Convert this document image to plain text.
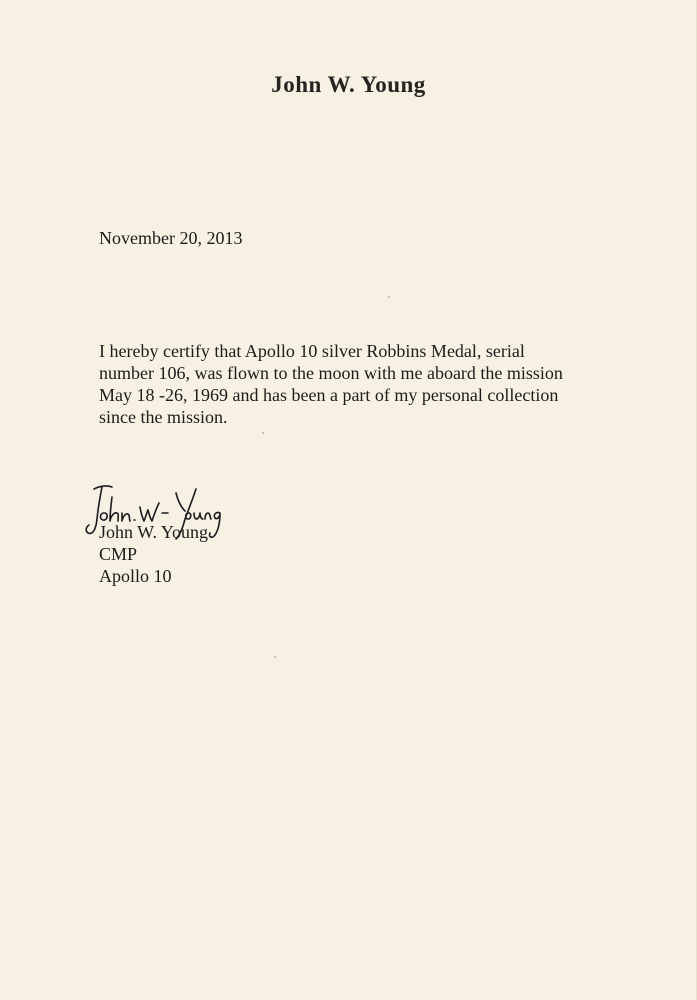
John W. Young
November 20, 2013
I hereby certify that Apollo 10 silver Robbins Medal, serial
number 106, was flown to the moon with me aboard the mission
May 18 -26, 1969 and has been a part of my personal collection
since the mission.
John W. Young
CMP
Apollo 10
